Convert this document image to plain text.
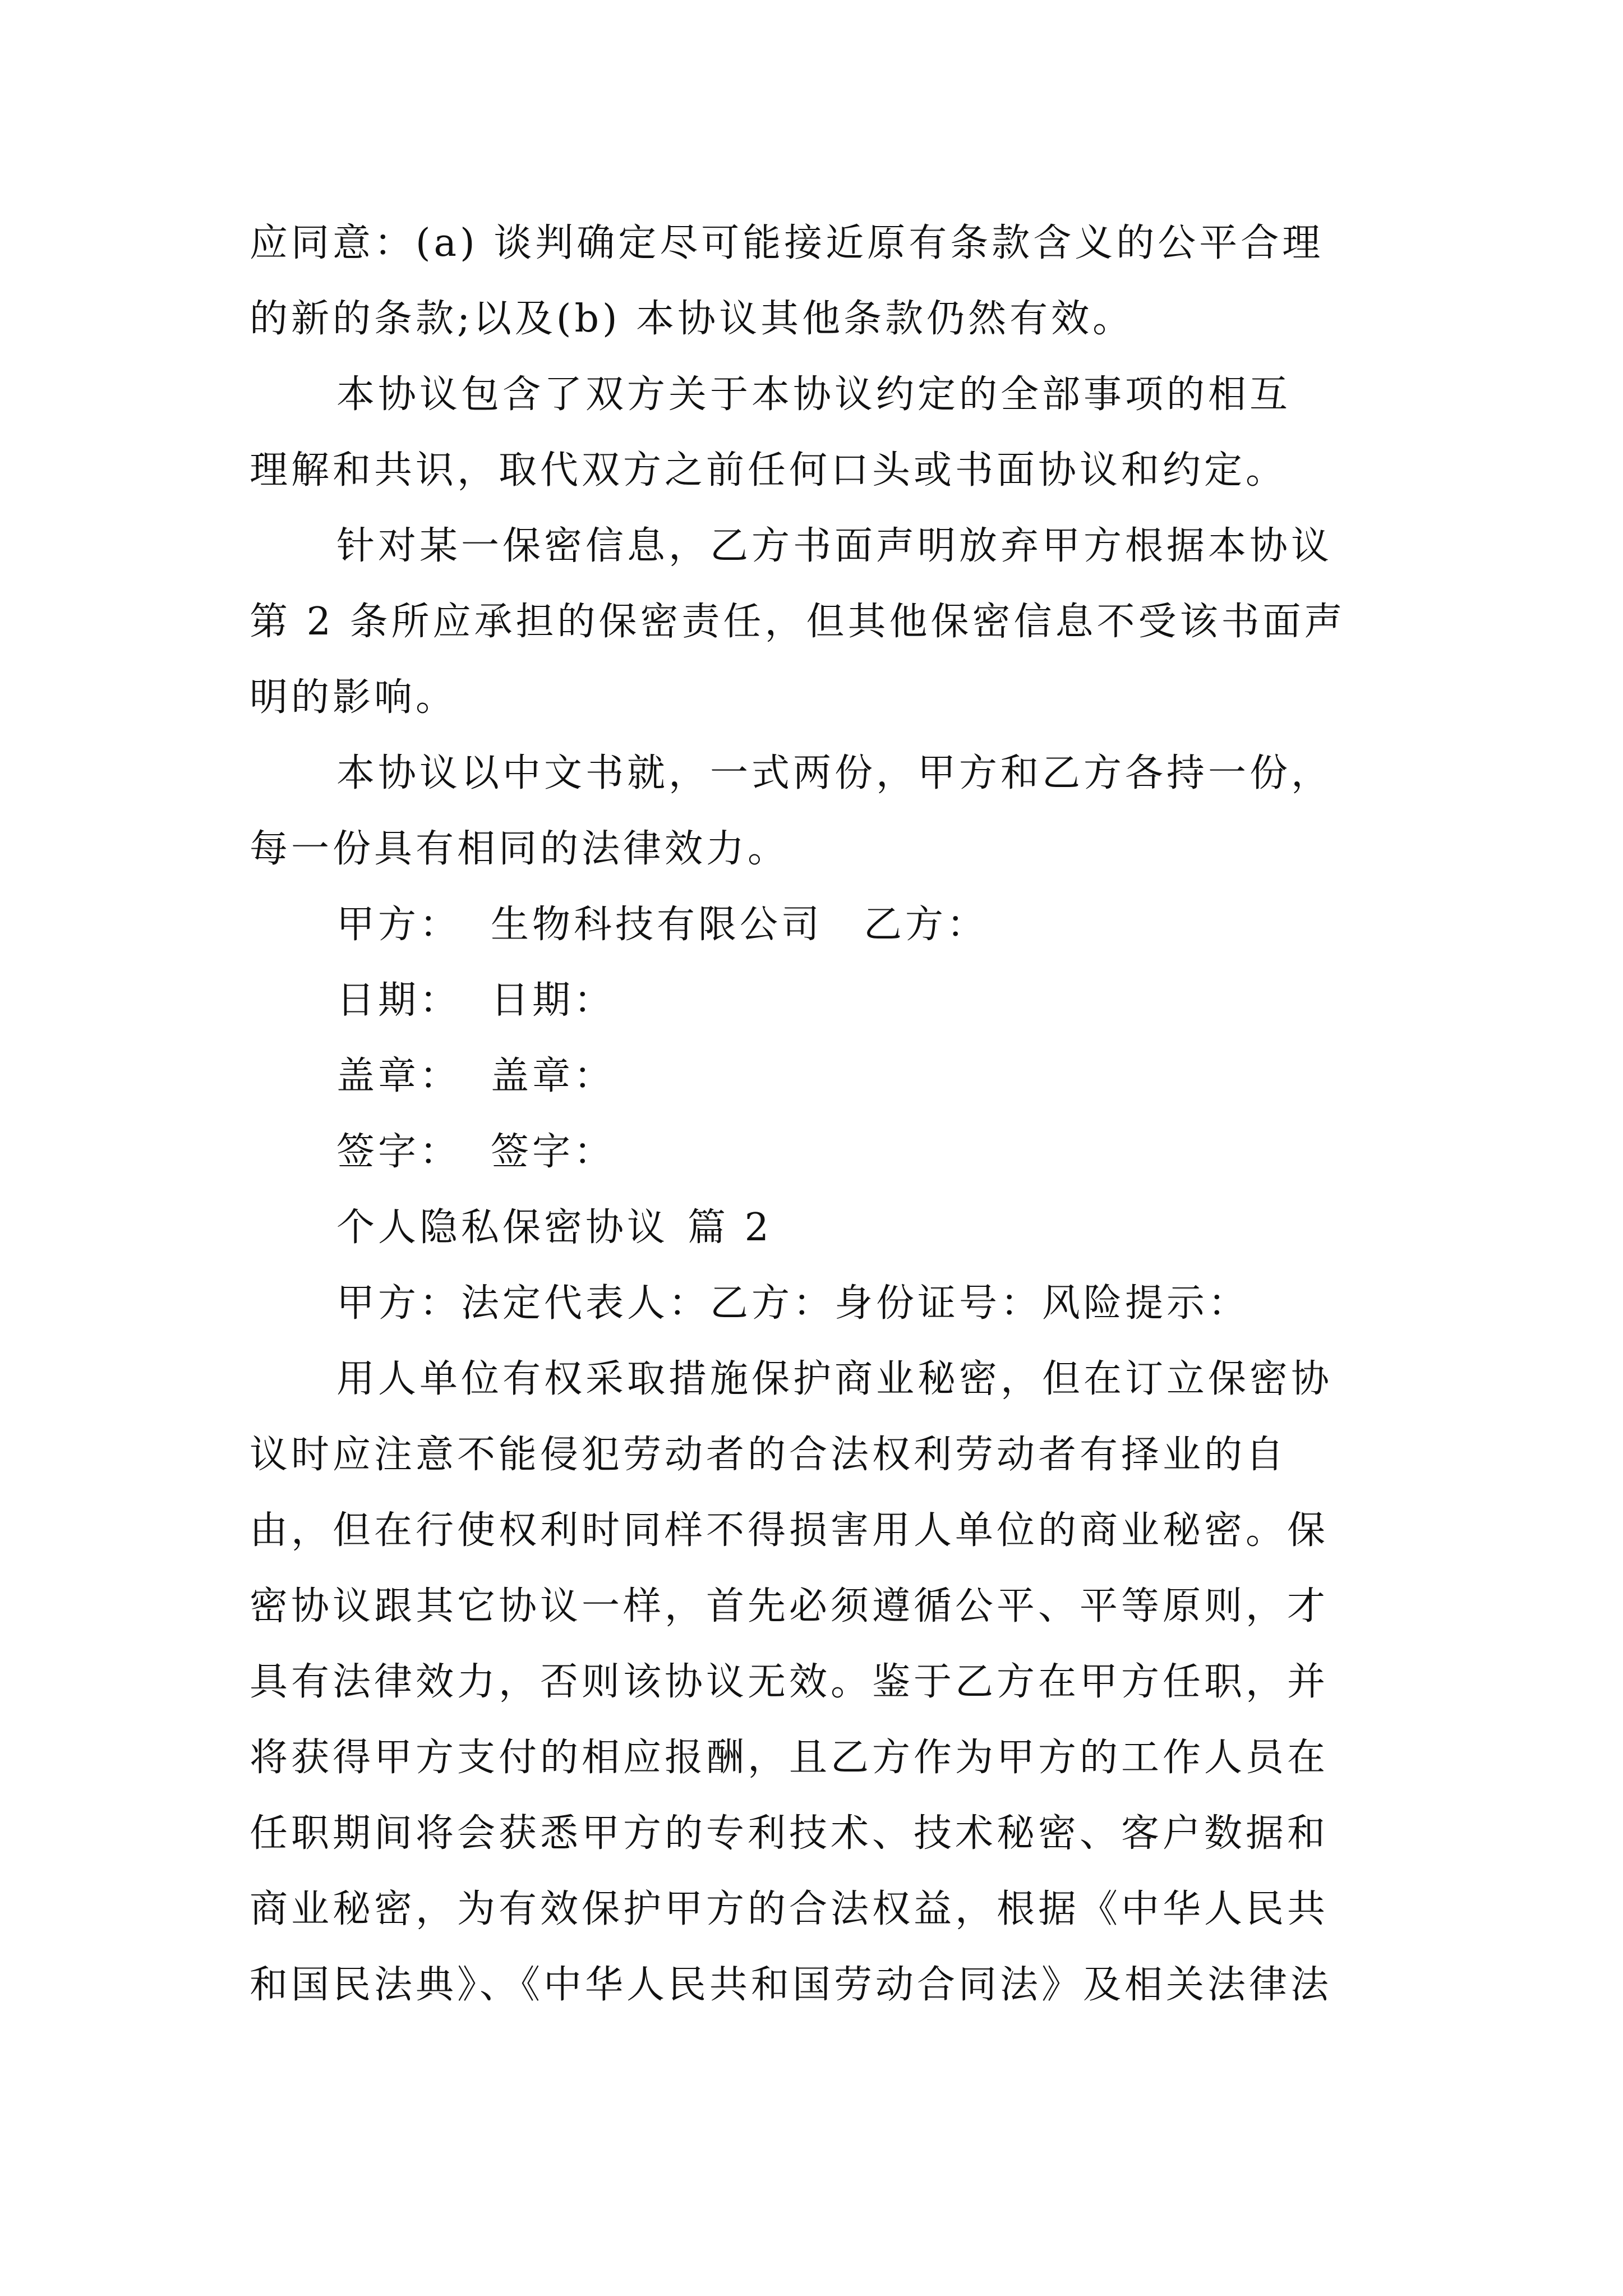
应同意：(a) 谈判确定尽可能接近原有条款含义的公平合理
的新的条款;以及(b) 本协议其他条款仍然有效。
本协议包含了双方关于本协议约定的全部事项的相互
理解和共识，取代双方之前任何口头或书面协议和约定。
针对某一保密信息，乙方书面声明放弃甲方根据本协议
第 2 条所应承担的保密责任，但其他保密信息不受该书面声
明的影响。
本协议以中文书就，一式两份，甲方和乙方各持一份，
每一份具有相同的法律效力。
甲方： 生物科技有限公司 乙方：
日期： 日期：
盖章： 盖章：
签字： 签字：
个人隐私保密协议 篇 2
甲方：法定代表人：乙方：身份证号：风险提示：
用人单位有权采取措施保护商业秘密，但在订立保密协
议时应注意不能侵犯劳动者的合法权利劳动者有择业的自
由，但在行使权利时同样不得损害用人单位的商业秘密。保
密协议跟其它协议一样，首先必须遵循公平、平等原则，才
具有法律效力，否则该协议无效。鉴于乙方在甲方任职，并
将获得甲方支付的相应报酬，且乙方作为甲方的工作人员在
任职期间将会获悉甲方的专利技术、技术秘密、客户数据和
商业秘密，为有效保护甲方的合法权益，根据《中华人民共
和国民法典》、《中华人民共和国劳动合同法》及相关法律法
